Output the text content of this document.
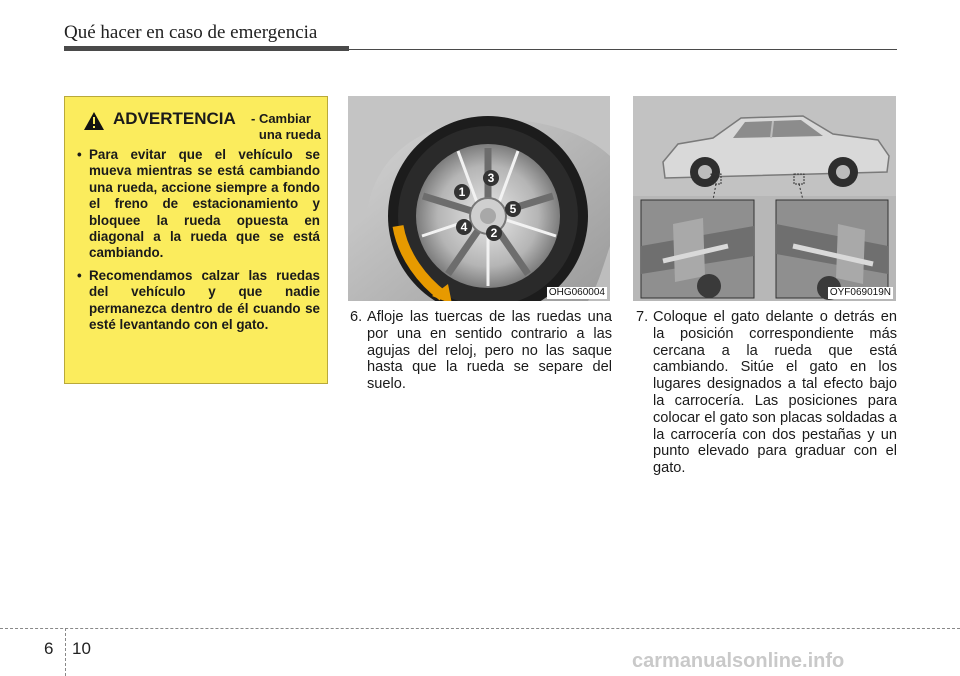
Qué hacer en caso de emergencia
ADVERTENCIA - Cambiar
una rueda
• Para evitar que el vehículo se mueva mientras se está cambiando una rueda, accione siempre a fondo el freno de estacionamiento y bloquee la rueda opuesta en diagonal a la rueda que se está cambiando.
• Recomendamos calzar las ruedas del vehículo y que nadie permanezca dentro de él cuando se esté levantando con el gato.
1
2
3
4
5
OHG060004	OYF069019N
6. Afloje las tuercas de las ruedas una por una en sentido contrario a las agujas del reloj, pero no las saque hasta que la rueda se separe del suelo.
7. Coloque el gato delante o detrás en la posición correspondiente más cercana a la rueda que está cambiando. Sitúe el gato en los lugares designados a tal efecto bajo la carrocería. Las posiciones para colocar el gato son placas soldadas a la carrocería con dos pestañas y un punto elevado para graduar con el gato.
6 10
carmanualsonline.info
